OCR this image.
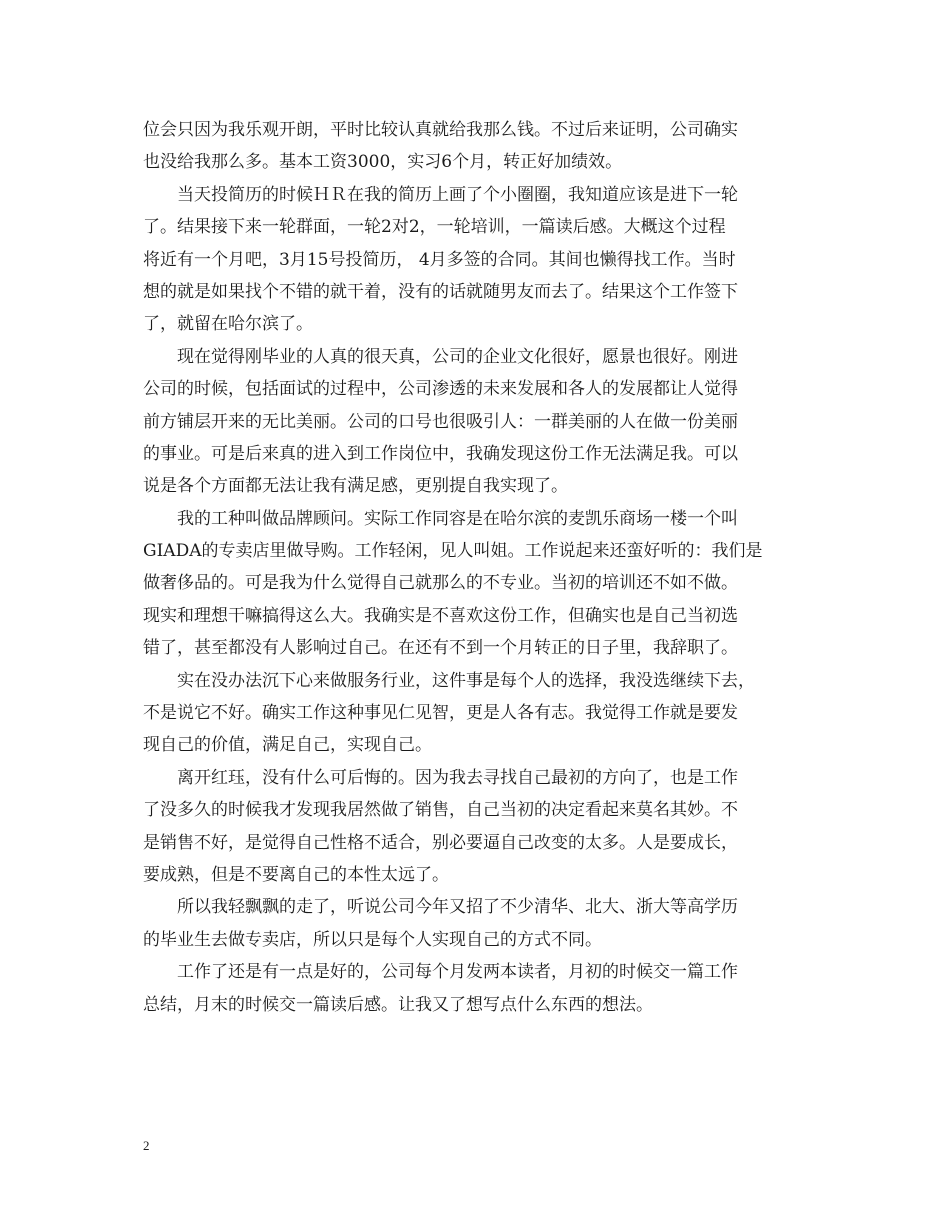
位会只因为我乐观开朗，平时比较认真就给我那么钱。不过后来证明，公司确实
也没给我那么多。基本工资3000，实习6个月，转正好加绩效。
当天投简历的时候ＨＲ在我的简历上画了个小圈圈，我知道应该是进下一轮
了。结果接下来一轮群面，一轮2对2，一轮培训，一篇读后感。大概这个过程
将近有一个月吧，3月15号投简历， 4月多签的合同。其间也懒得找工作。当时
想的就是如果找个不错的就干着，没有的话就随男友而去了。结果这个工作签下
了，就留在哈尔滨了。
现在觉得刚毕业的人真的很天真，公司的企业文化很好，愿景也很好。刚进
公司的时候，包括面试的过程中，公司渗透的未来发展和各人的发展都让人觉得
前方铺层开来的无比美丽。公司的口号也很吸引人：一群美丽的人在做一份美丽
的事业。可是后来真的进入到工作岗位中，我确发现这份工作无法满足我。可以
说是各个方面都无法让我有满足感，更别提自我实现了。
我的工种叫做品牌顾问。实际工作同容是在哈尔滨的麦凯乐商场一楼一个叫
GIADA的专卖店里做导购。工作轻闲，见人叫姐。工作说起来还蛮好听的：我们是
做奢侈品的。可是我为什么觉得自己就那么的不专业。当初的培训还不如不做。
现实和理想干嘛搞得这么大。我确实是不喜欢这份工作，但确实也是自己当初选
错了，甚至都没有人影响过自己。在还有不到一个月转正的日子里，我辞职了。
实在没办法沉下心来做服务行业，这件事是每个人的选择，我没选继续下去，
不是说它不好。确实工作这种事见仁见智，更是人各有志。我觉得工作就是要发
现自己的价值，满足自己，实现自己。
离开红珏，没有什么可后悔的。因为我去寻找自己最初的方向了，也是工作
了没多久的时候我才发现我居然做了销售，自己当初的决定看起来莫名其妙。不
是销售不好，是觉得自己性格不适合，别必要逼自己改变的太多。人是要成长，
要成熟，但是不要离自己的本性太远了。
所以我轻飘飘的走了，听说公司今年又招了不少清华、北大、浙大等高学历
的毕业生去做专卖店，所以只是每个人实现自己的方式不同。
工作了还是有一点是好的，公司每个月发两本读者，月初的时候交一篇工作
总结，月末的时候交一篇读后感。让我又了想写点什么东西的想法。
2
